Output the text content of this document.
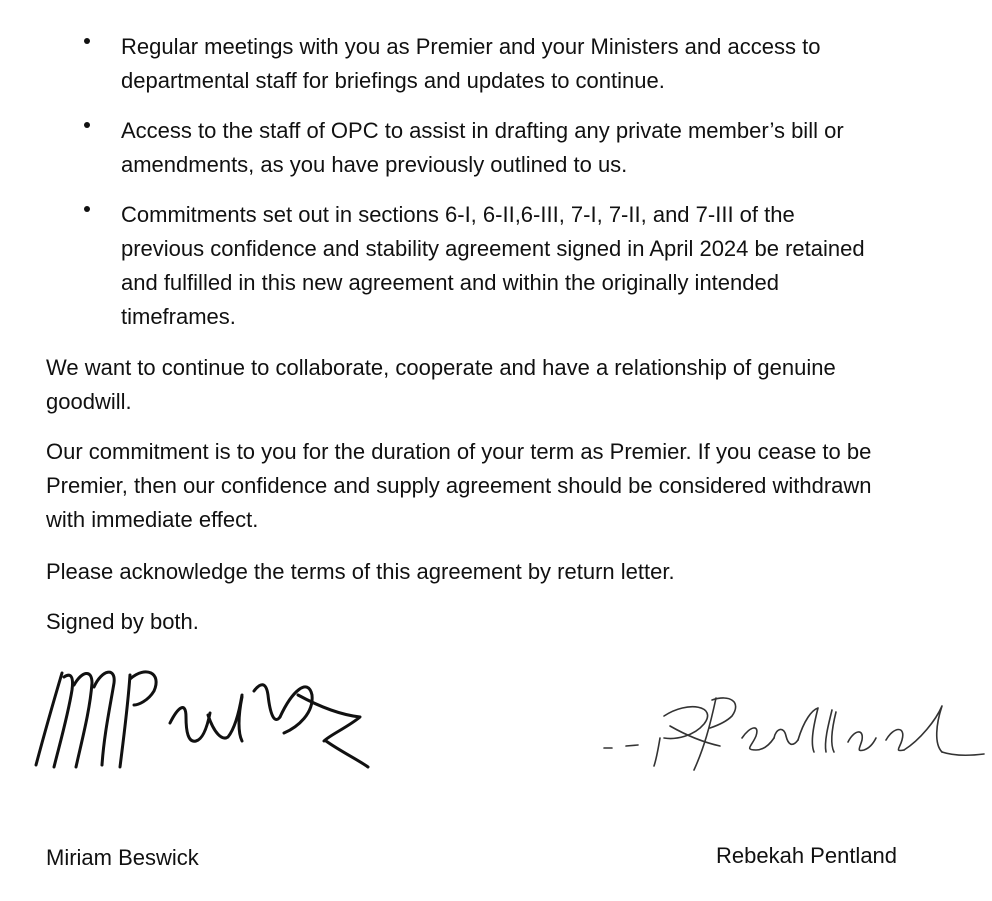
Regular meetings with you as Premier and your Ministers and access to
departmental staff for briefings and updates to continue.
Access to the staff of OPC to assist in drafting any private member’s bill or
amendments, as you have previously outlined to us.
Commitments set out in sections 6-I, 6-II,6-III, 7-I, 7-II, and 7-III of the
previous confidence and stability agreement signed in April 2024 be retained
and fulfilled in this new agreement and within the originally intended
timeframes.
We want to continue to collaborate, cooperate and have a relationship of genuine
goodwill.
Our commitment is to you for the duration of your term as Premier. If you cease to be
Premier, then our confidence and supply agreement should be considered withdrawn
with immediate effect.
Please acknowledge the terms of this agreement by return letter.
Signed by both.
Miriam Beswick	Rebekah Pentland
